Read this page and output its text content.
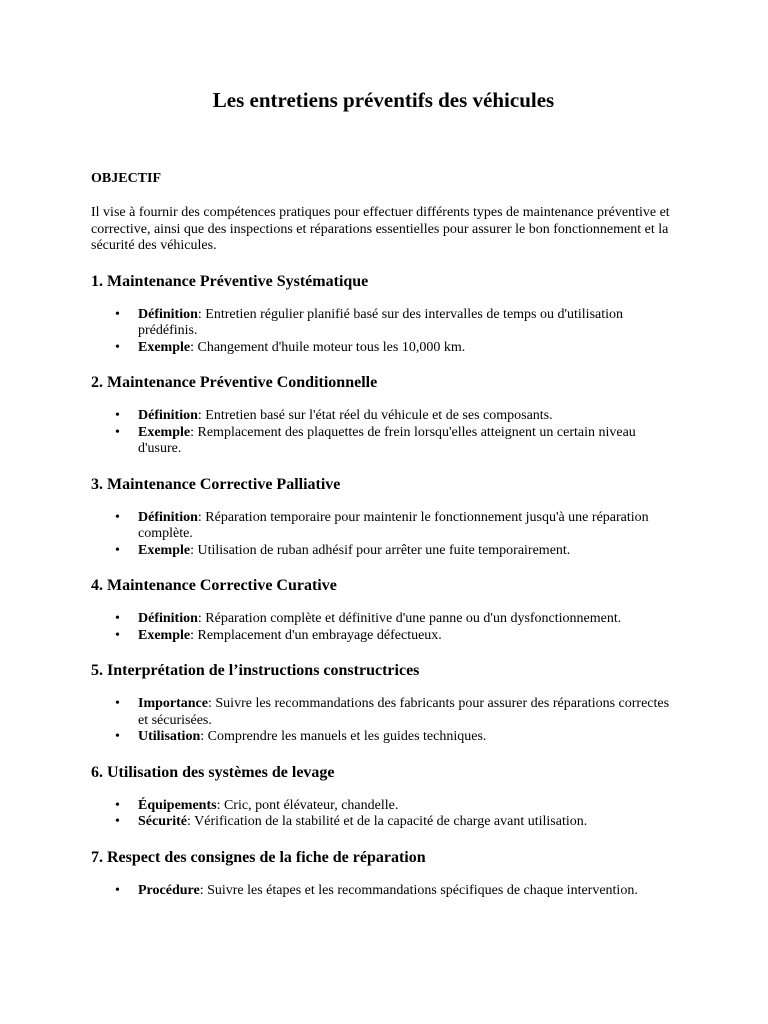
Les entretiens préventifs des véhicules

OBJECTIF

Il vise à fournir des compétences pratiques pour effectuer différents types de maintenance préventive et corrective, ainsi que des inspections et réparations essentielles pour assurer le bon fonctionnement et la sécurité des véhicules.

1. Maintenance Préventive Systématique
• Définition: Entretien régulier planifié basé sur des intervalles de temps ou d'utilisation prédéfinis.
• Exemple: Changement d'huile moteur tous les 10,000 km.
2. Maintenance Préventive Conditionnelle
• Définition: Entretien basé sur l'état réel du véhicule et de ses composants.
• Exemple: Remplacement des plaquettes de frein lorsqu'elles atteignent un certain niveau d'usure.
3. Maintenance Corrective Palliative
• Définition: Réparation temporaire pour maintenir le fonctionnement jusqu'à une réparation complète.
• Exemple: Utilisation de ruban adhésif pour arrêter une fuite temporairement.
4. Maintenance Corrective Curative
• Définition: Réparation complète et définitive d'une panne ou d'un dysfonctionnement.
• Exemple: Remplacement d'un embrayage défectueux.
5. Interprétation de l’instructions constructrices
• Importance: Suivre les recommandations des fabricants pour assurer des réparations correctes et sécurisées.
• Utilisation: Comprendre les manuels et les guides techniques.
6. Utilisation des systèmes de levage
• Équipements: Cric, pont élévateur, chandelle.
• Sécurité: Vérification de la stabilité et de la capacité de charge avant utilisation.
7. Respect des consignes de la fiche de réparation
• Procédure: Suivre les étapes et les recommandations spécifiques de chaque intervention.
